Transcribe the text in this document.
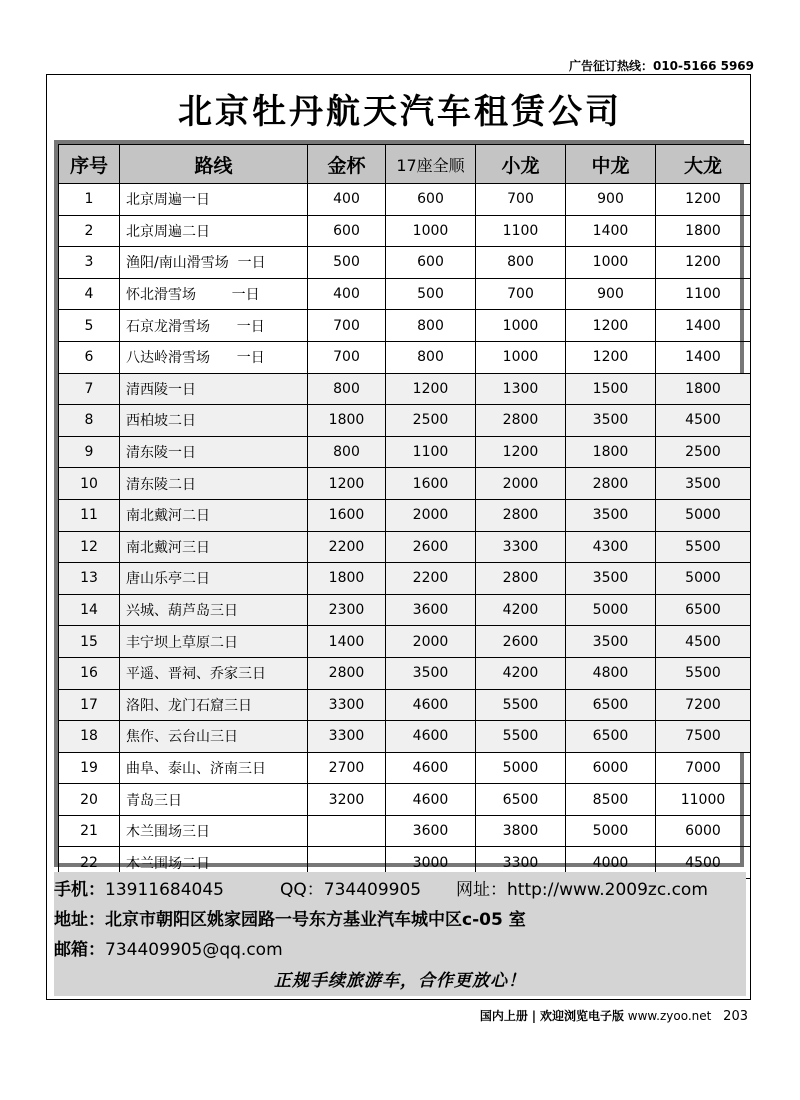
广告征订热线：010-5166 5969
北京牡丹航天汽车租赁公司
序号	路线	金杯	17座全顺	小龙	中龙	大龙
1	北京周遍一日	400	600	700	900	1200
2	北京周遍二日	600	1000	1100	1400	1800
3	渔阳/南山滑雪场  一日	500	600	800	1000	1200
4	怀北滑雪场        一日	400	500	700	900	1100
5	石京龙滑雪场      一日	700	800	1000	1200	1400
6	八达岭滑雪场      一日	700	800	1000	1200	1400
7	清西陵一日	800	1200	1300	1500	1800
8	西柏坡二日	1800	2500	2800	3500	4500
9	清东陵一日	800	1100	1200	1800	2500
10	清东陵二日	1200	1600	2000	2800	3500
11	南北戴河二日	1600	2000	2800	3500	5000
12	南北戴河三日	2200	2600	3300	4300	5500
13	唐山乐亭二日	1800	2200	2800	3500	5000
14	兴城、葫芦岛三日	2300	3600	4200	5000	6500
15	丰宁坝上草原二日	1400	2000	2600	3500	4500
16	平遥、晋祠、乔家三日	2800	3500	4200	4800	5500
17	洛阳、龙门石窟三日	3300	4600	5500	6500	7200
18	焦作、云台山三日	3300	4600	5500	6500	7500
19	曲阜、泰山、济南三日	2700	4600	5000	6000	7000
20	青岛三日	3200	4600	6500	8500	11000
21	木兰围场三日		3600	3800	5000	6000
22	木兰围场二日		3000	3300	4000	4500
手机：13911684045	QQ：734409905 网址：http://www.2009zc.com
地址：北京市朝阳区姚家园路一号东方基业汽车城中区c-05 室
邮箱：734409905@qq.com
正规手续旅游车，合作更放心！
国内上册 | 欢迎浏览电子版 www.zyoo.net 203
